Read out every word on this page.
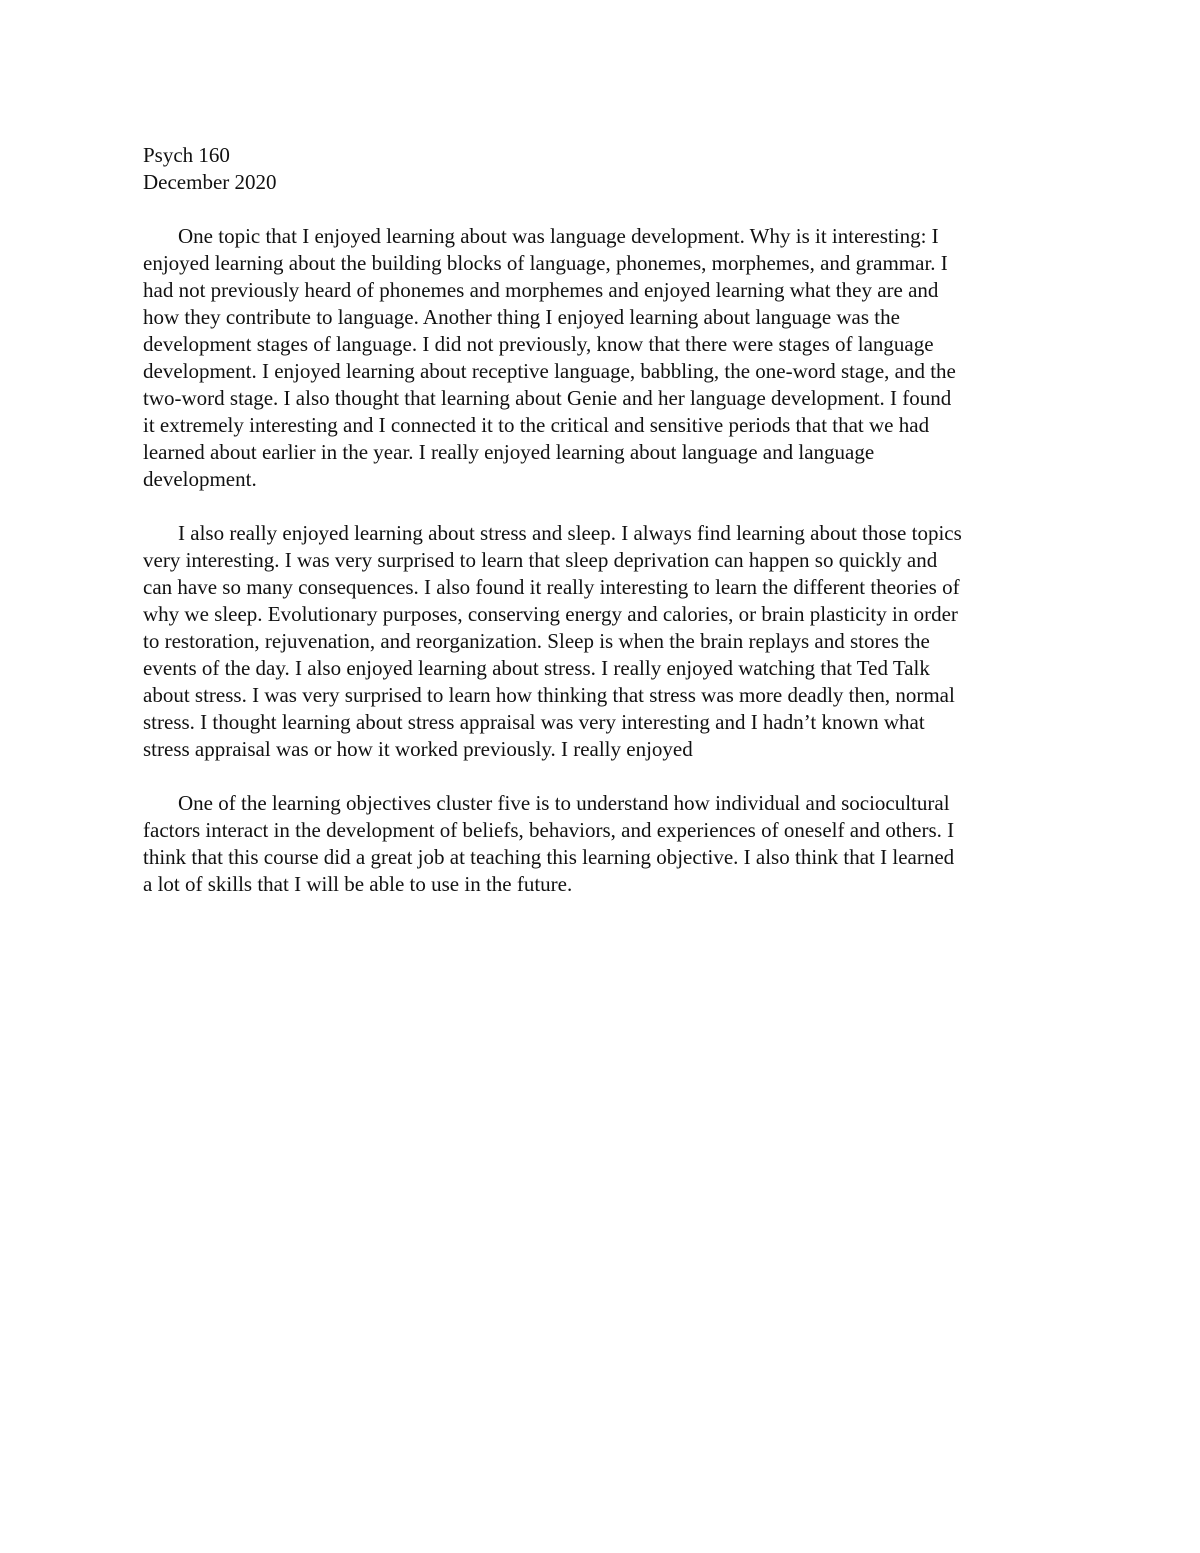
Psych 160

December 2020

One topic that I enjoyed learning about was language development. Why is it interesting: I
enjoyed learning about the building blocks of language, phonemes, morphemes, and grammar. I
had not previously heard of phonemes and morphemes and enjoyed learning what they are and
how they contribute to language. Another thing I enjoyed learning about language was the
development stages of language. I did not previously, know that there were stages of language
development. I enjoyed learning about receptive language, babbling, the one-word stage, and the
two-word stage. I also thought that learning about Genie and her language development. I found
it extremely interesting and I connected it to the critical and sensitive periods that that we had
learned about earlier in the year. I really enjoyed learning about language and language
development.

I also really enjoyed learning about stress and sleep. I always find learning about those topics
very interesting. I was very surprised to learn that sleep deprivation can happen so quickly and
can have so many consequences. I also found it really interesting to learn the different theories of
why we sleep. Evolutionary purposes, conserving energy and calories, or brain plasticity in order
to restoration, rejuvenation, and reorganization. Sleep is when the brain replays and stores the
events of the day. I also enjoyed learning about stress. I really enjoyed watching that Ted Talk
about stress. I was very surprised to learn how thinking that stress was more deadly then, normal
stress. I thought learning about stress appraisal was very interesting and I hadn’t known what
stress appraisal was or how it worked previously. I really enjoyed

One of the learning objectives cluster five is to understand how individual and sociocultural
factors interact in the development of beliefs, behaviors, and experiences of oneself and others. I
think that this course did a great job at teaching this learning objective. I also think that I learned
a lot of skills that I will be able to use in the future.
